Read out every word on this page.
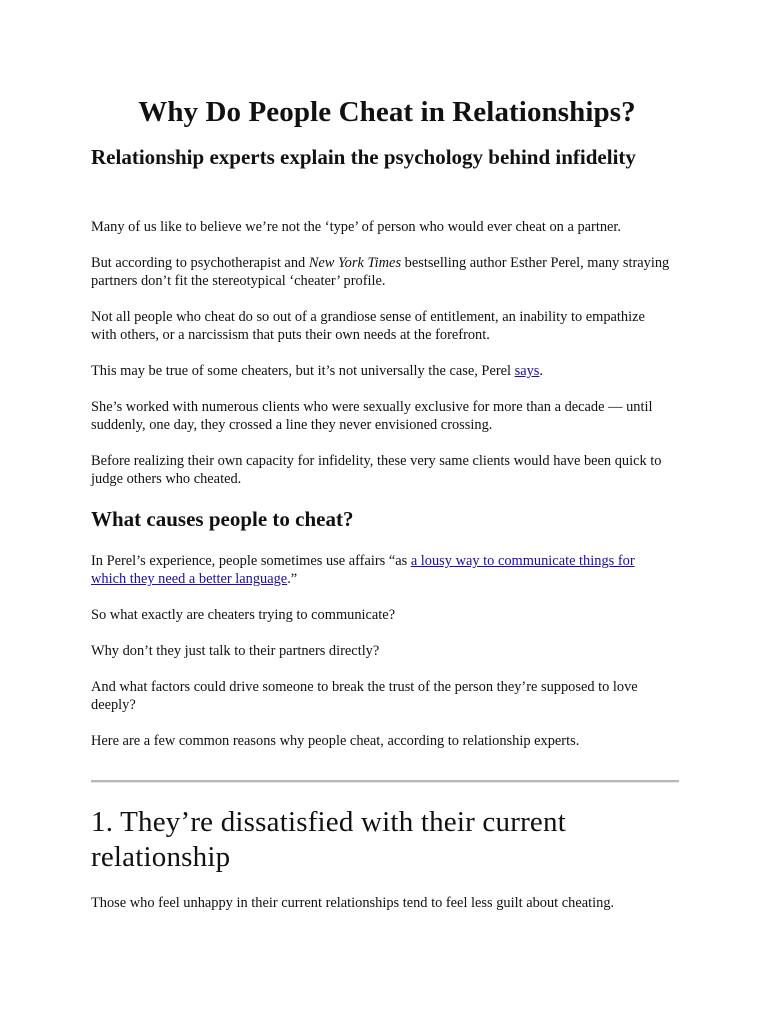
Why Do People Cheat in Relationships?
Relationship experts explain the psychology behind infidelity

Many of us like to believe we’re not the ‘type’ of person who would ever cheat on a partner.

But according to psychotherapist and New York Times bestselling author Esther Perel, many straying partners don’t fit the stereotypical ‘cheater’ profile.

Not all people who cheat do so out of a grandiose sense of entitlement, an inability to empathize with others, or a narcissism that puts their own needs at the forefront.

This may be true of some cheaters, but it’s not universally the case, Perel says.

She’s worked with numerous clients who were sexually exclusive for more than a decade — until suddenly, one day, they crossed a line they never envisioned crossing.

Before realizing their own capacity for infidelity, these very same clients would have been quick to judge others who cheated.

What causes people to cheat?

In Perel’s experience, people sometimes use affairs “as a lousy way to communicate things for which they need a better language.”

So what exactly are cheaters trying to communicate?

Why don’t they just talk to their partners directly?

And what factors could drive someone to break the trust of the person they’re supposed to love deeply?

Here are a few common reasons why people cheat, according to relationship experts.

1. They’re dissatisfied with their current relationship

Those who feel unhappy in their current relationships tend to feel less guilt about cheating.
